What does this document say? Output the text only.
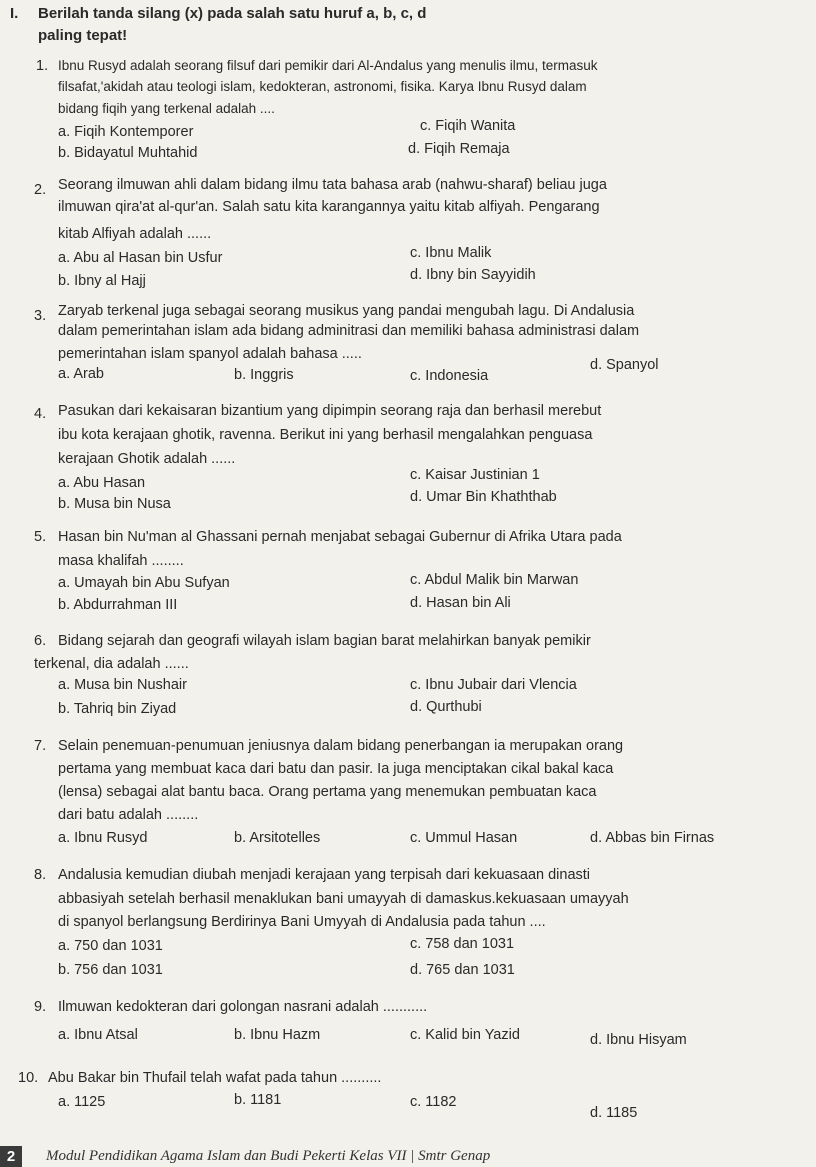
I. Berilah tanda silang (x) pada salah satu huruf a, b, c, d
paling tepat!
1. Ibnu Rusyd adalah seorang filsuf dari pemikir dari Al-Andalus yang menulis ilmu, termasuk
filsafat,'akidah atau teologi islam, kedokteran, astronomi, fisika. Karya Ibnu Rusyd dalam
bidang fiqih yang terkenal adalah ....
a. Fiqih Kontemporer	c. Fiqih Wanita
b. Bidayatul Muhtahid	d. Fiqih Remaja
2. Seorang ilmuwan ahli dalam bidang ilmu tata bahasa arab (nahwu-sharaf) beliau juga
ilmuwan qira'at al-qur'an. Salah satu kita karangannya yaitu kitab alfiyah. Pengarang
kitab Alfiyah adalah ......
a. Abu al Hasan bin Usfur	c. Ibnu Malik
b. Ibny al Hajj	d. Ibny bin Sayyidih
3. Zaryab terkenal juga sebagai seorang musikus yang pandai mengubah lagu. Di Andalusia
dalam pemerintahan islam ada bidang adminitrasi dan memiliki bahasa administrasi dalam
pemerintahan islam spanyol adalah bahasa .....
a. Arab	b. Inggris	c. Indonesia
d. Spanyol
4. Pasukan dari kekaisaran bizantium yang dipimpin seorang raja dan berhasil merebut
ibu kota kerajaan ghotik, ravenna. Berikut ini yang berhasil mengalahkan penguasa
kerajaan Ghotik adalah ......
a. Abu Hasan	c. Kaisar Justinian 1
b. Musa bin Nusa	d. Umar Bin Khaththab
5. Hasan bin Nu'man al Ghassani pernah menjabat sebagai Gubernur di Afrika Utara pada
masa khalifah ........
a. Umayah bin Abu Sufyan	c. Abdul Malik bin Marwan
b. Abdurrahman III	d. Hasan bin Ali
6. Bidang sejarah dan geografi wilayah islam bagian barat melahirkan banyak pemikir
terkenal, dia adalah ......
a. Musa bin Nushair	c. Ibnu Jubair dari Vlencia
b. Tahriq bin Ziyad	d. Qurthubi
7. Selain penemuan-penumuan jeniusnya dalam bidang penerbangan ia merupakan orang
pertama yang membuat kaca dari batu dan pasir. Ia juga menciptakan cikal bakal kaca
(lensa) sebagai alat bantu baca. Orang pertama yang menemukan pembuatan kaca
dari batu adalah ........
a. Ibnu Rusyd	b. Arsitotelles	c. Ummul Hasan	d. Abbas bin Firnas
8. Andalusia kemudian diubah menjadi kerajaan yang terpisah dari kekuasaan dinasti
abbasiyah setelah berhasil menaklukan bani umayyah di damaskus.kekuasaan umayyah
di spanyol berlangsung Berdirinya Bani Umyyah di Andalusia pada tahun ....
a. 750 dan 1031	c. 758 dan 1031
b. 756 dan 1031	d. 765 dan 1031
9. Ilmuwan kedokteran dari golongan nasrani adalah ...........
a. Ibnu Atsal	b. Ibnu Hazm	c. Kalid bin Yazid	d. Ibnu Hisyam
10. Abu Bakar bin Thufail telah wafat pada tahun ..........
a. 1125	b. 1181	c. 1182
d. 1185
2	Modul Pendidikan Agama Islam dan Budi Pekerti Kelas VII | Smtr Genap
